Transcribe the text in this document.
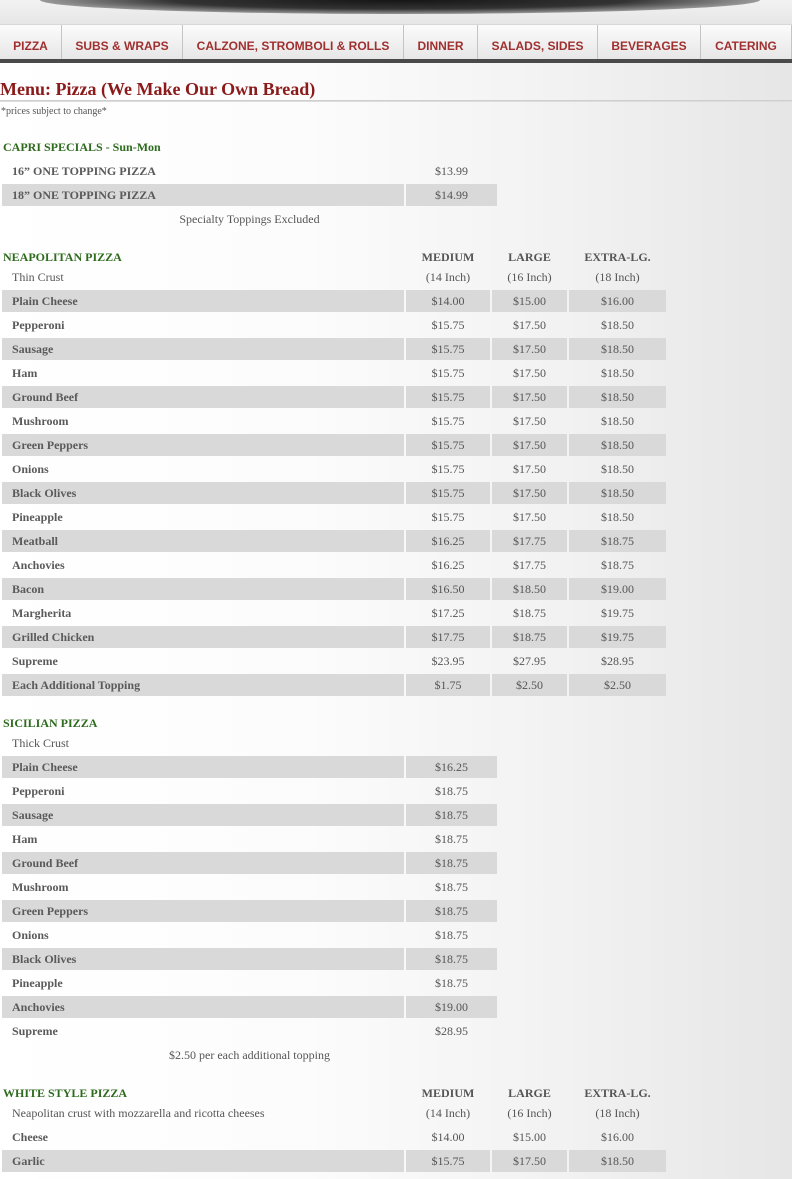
PIZZA	SUBS & WRAPS	CALZONE, STROMBOLI & ROLLS	DINNER	SALADS, SIDES	BEVERAGES	CATERING
Menu: Pizza (We Make Our Own Bread)
*prices subject to change*
CAPRI SPECIALS - Sun-Mon
16” ONE TOPPING PIZZA	$13.99
18” ONE TOPPING PIZZA	$14.99
Specialty Toppings Excluded
NEAPOLITAN PIZZA	MEDIUM	LARGE	EXTRA-LG.
Thin Crust	(14 Inch)	(16 Inch)	(18 Inch)
Plain Cheese	$14.00	$15.00	$16.00
Pepperoni	$15.75	$17.50	$18.50
Sausage	$15.75	$17.50	$18.50
Ham	$15.75	$17.50	$18.50
Ground Beef	$15.75	$17.50	$18.50
Mushroom	$15.75	$17.50	$18.50
Green Peppers	$15.75	$17.50	$18.50
Onions	$15.75	$17.50	$18.50
Black Olives	$15.75	$17.50	$18.50
Pineapple	$15.75	$17.50	$18.50
Meatball	$16.25	$17.75	$18.75
Anchovies	$16.25	$17.75	$18.75
Bacon	$16.50	$18.50	$19.00
Margherita	$17.25	$18.75	$19.75
Grilled Chicken	$17.75	$18.75	$19.75
Supreme	$23.95	$27.95	$28.95
Each Additional Topping	$1.75	$2.50	$2.50
SICILIAN PIZZA
Thick Crust
Plain Cheese	$16.25
Pepperoni	$18.75
Sausage	$18.75
Ham	$18.75
Ground Beef	$18.75
Mushroom	$18.75
Green Peppers	$18.75
Onions	$18.75
Black Olives	$18.75
Pineapple	$18.75
Anchovies	$19.00
Supreme	$28.95
$2.50 per each additional topping
WHITE STYLE PIZZA	MEDIUM	LARGE	EXTRA-LG.
Neapolitan crust with mozzarella and ricotta cheeses	(14 Inch)	(16 Inch)	(18 Inch)
Cheese	$14.00	$15.00	$16.00
Garlic	$15.75	$17.50	$18.50
